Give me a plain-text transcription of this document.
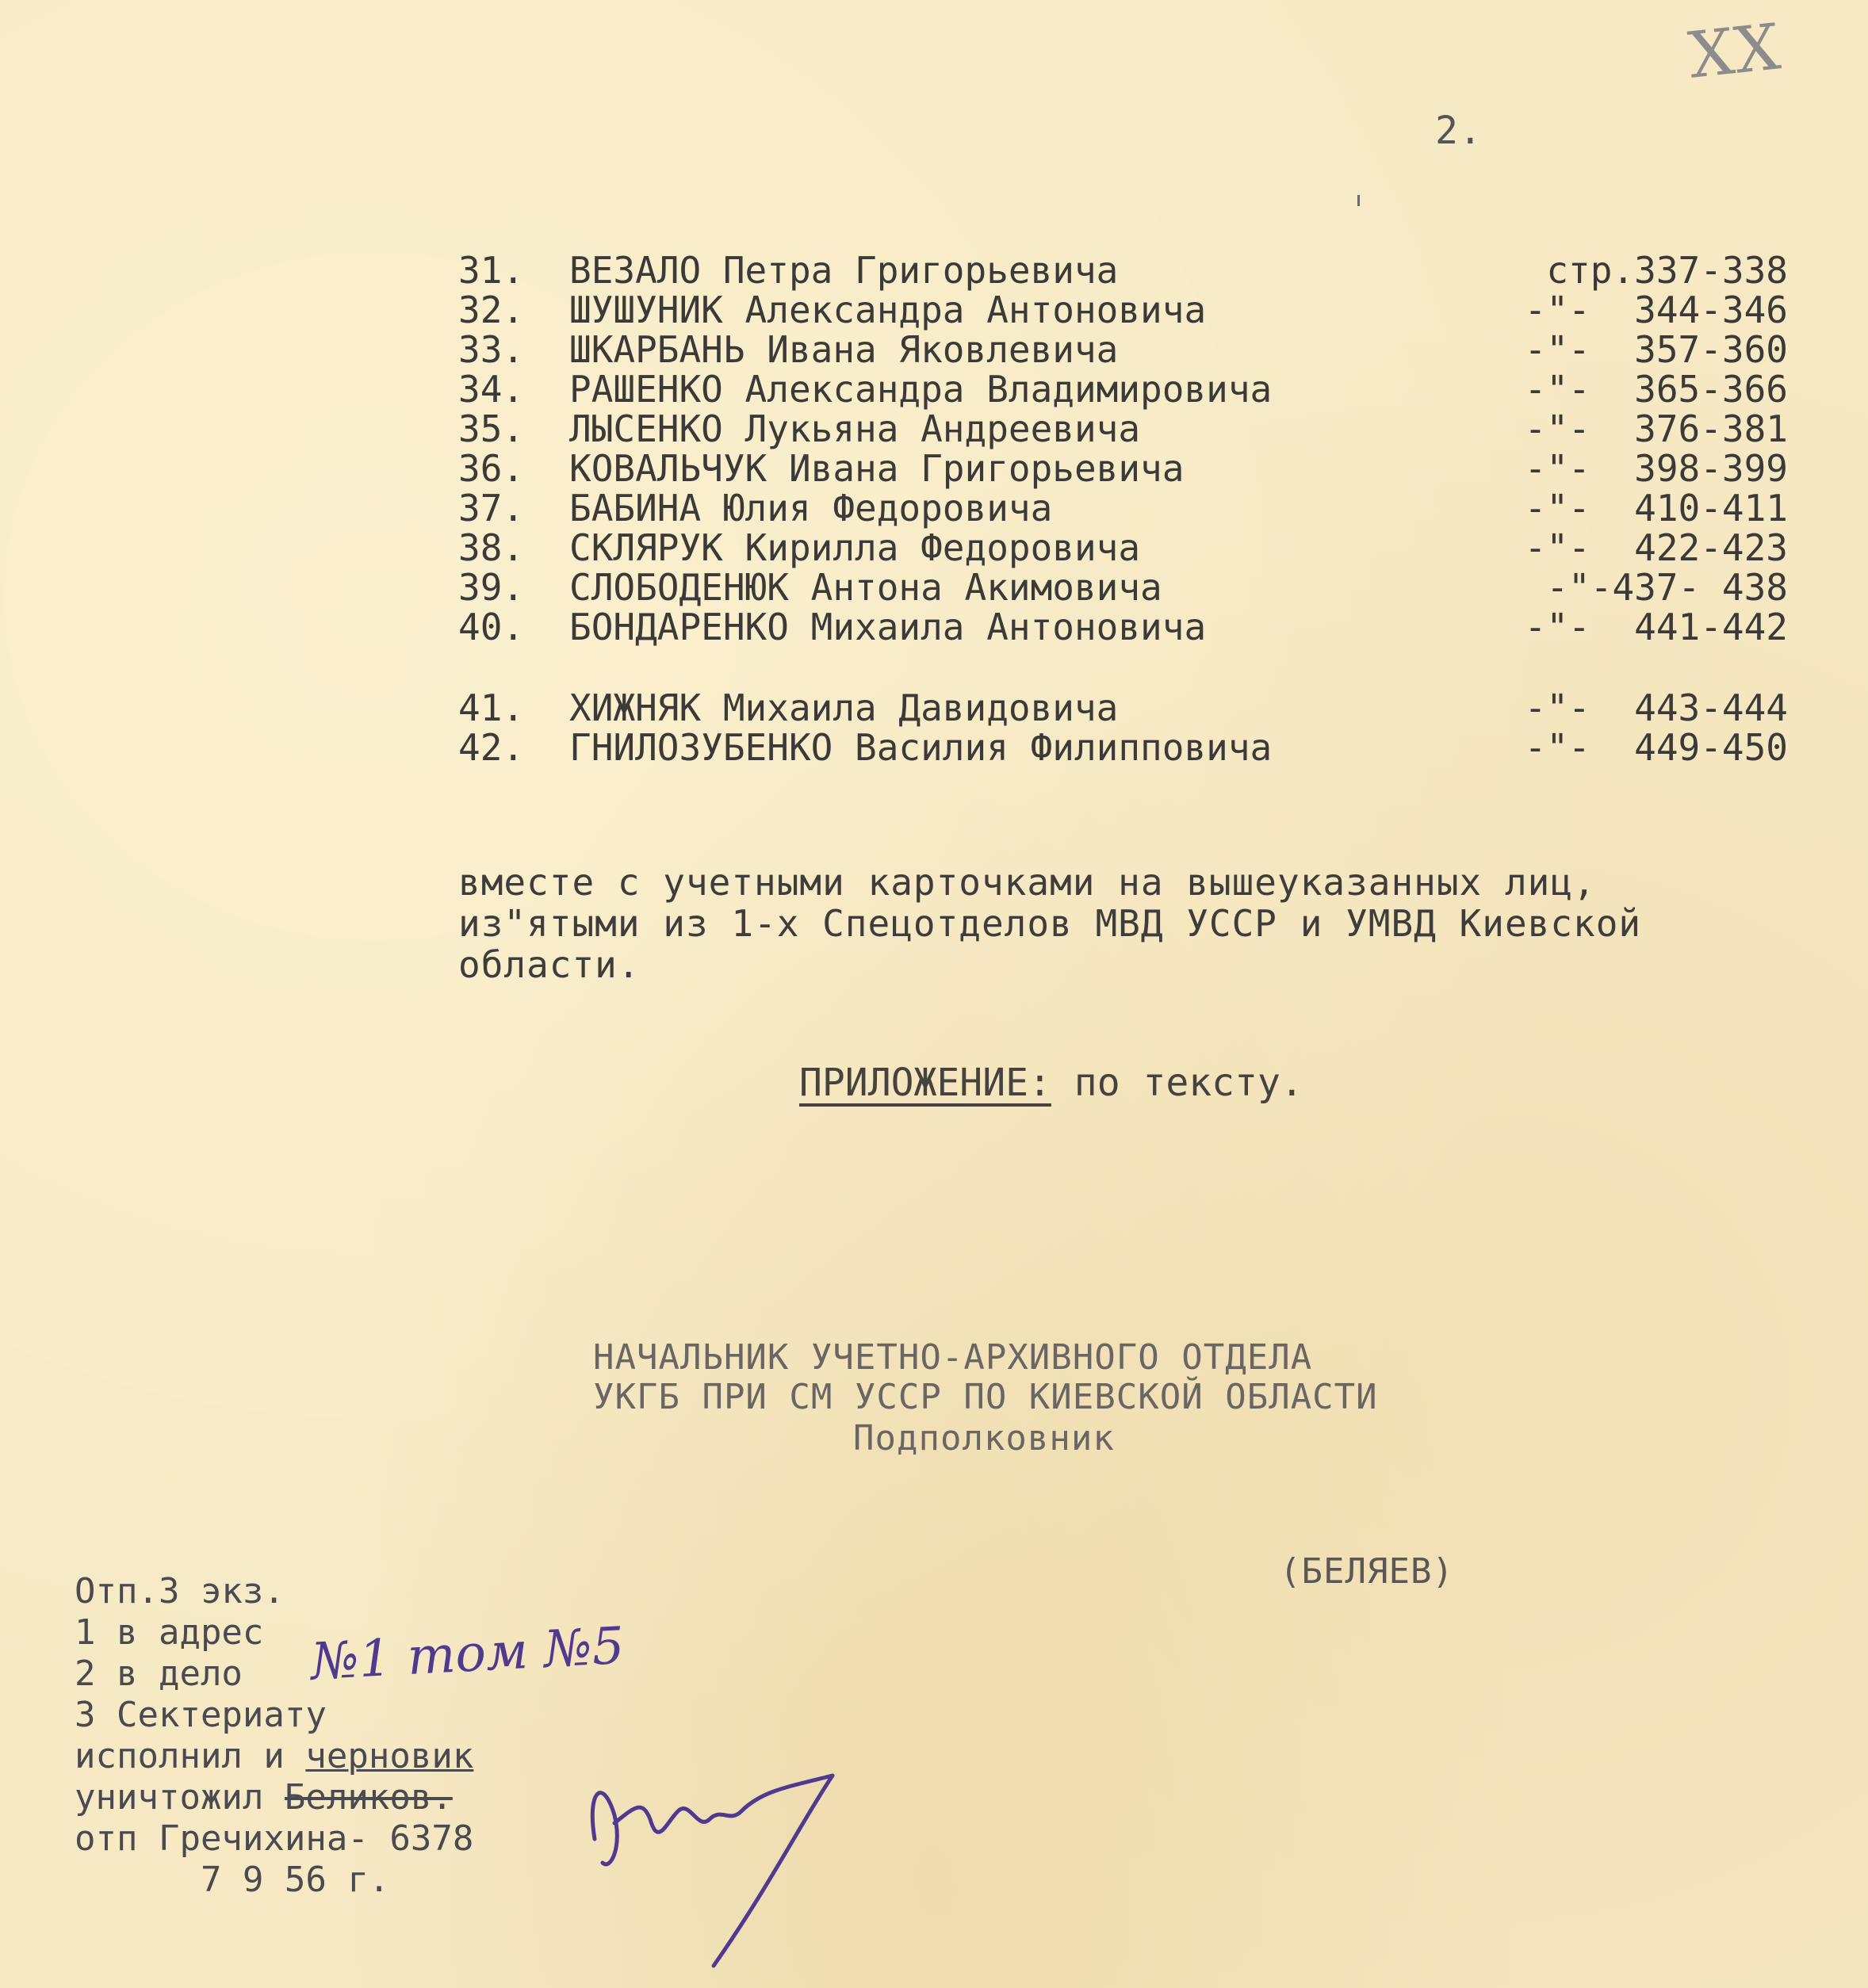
XX
2.
31.	ВЕЗАЛО Петра Григорьевича	стр.337-338
32.	ШУШУНИК Александра Антоновича	-"-  344-346
33.	ШКАРБАНЬ Ивана Яковлевича	-"-  357-360
34.	РАШЕНКО Александра Владимировича	-"-  365-366
35.	ЛЫСЕНКО Лукьяна Андреевича	-"-  376-381
36.	КОВАЛЬЧУК Ивана Григорьевича	-"-  398-399
37.	БАБИНА Юлия Федоровича	-"-  410-411
38.	СКЛЯРУК Кирилла Федоровича	-"-  422-423
39.	СЛОБОДЕНЮК Антона Акимовича	-"-437- 438
40.	БОНДАРЕНКО Михаила Антоновича	-"-  441-442
41.	ХИЖНЯК Михаила Давидовича	-"-  443-444
42.	ГНИЛОЗУБЕНКО Василия Филипповича	-"-  449-450
вместе с учетными карточками на вышеуказанных лиц,
из"ятыми из 1-х Спецотделов МВД УССР и УМВД Киевской
области.
ПРИЛОЖЕНИЕ: по тексту.
НАЧАЛЬНИК УЧЕТНО-АРХИВНОГО ОТДЕЛА
УКГБ ПРИ СМ УССР ПО КИЕВСКОЙ ОБЛАСТИ
Подполковник
(БЕЛЯЕВ)
Отп.3 экз.
1 в адрес
2 в дело
3 Сектериату
исполнил и черновик
уничтожил Беликов.
отп Гречихина- 6378
7 9 56 г.
№1 том №5
